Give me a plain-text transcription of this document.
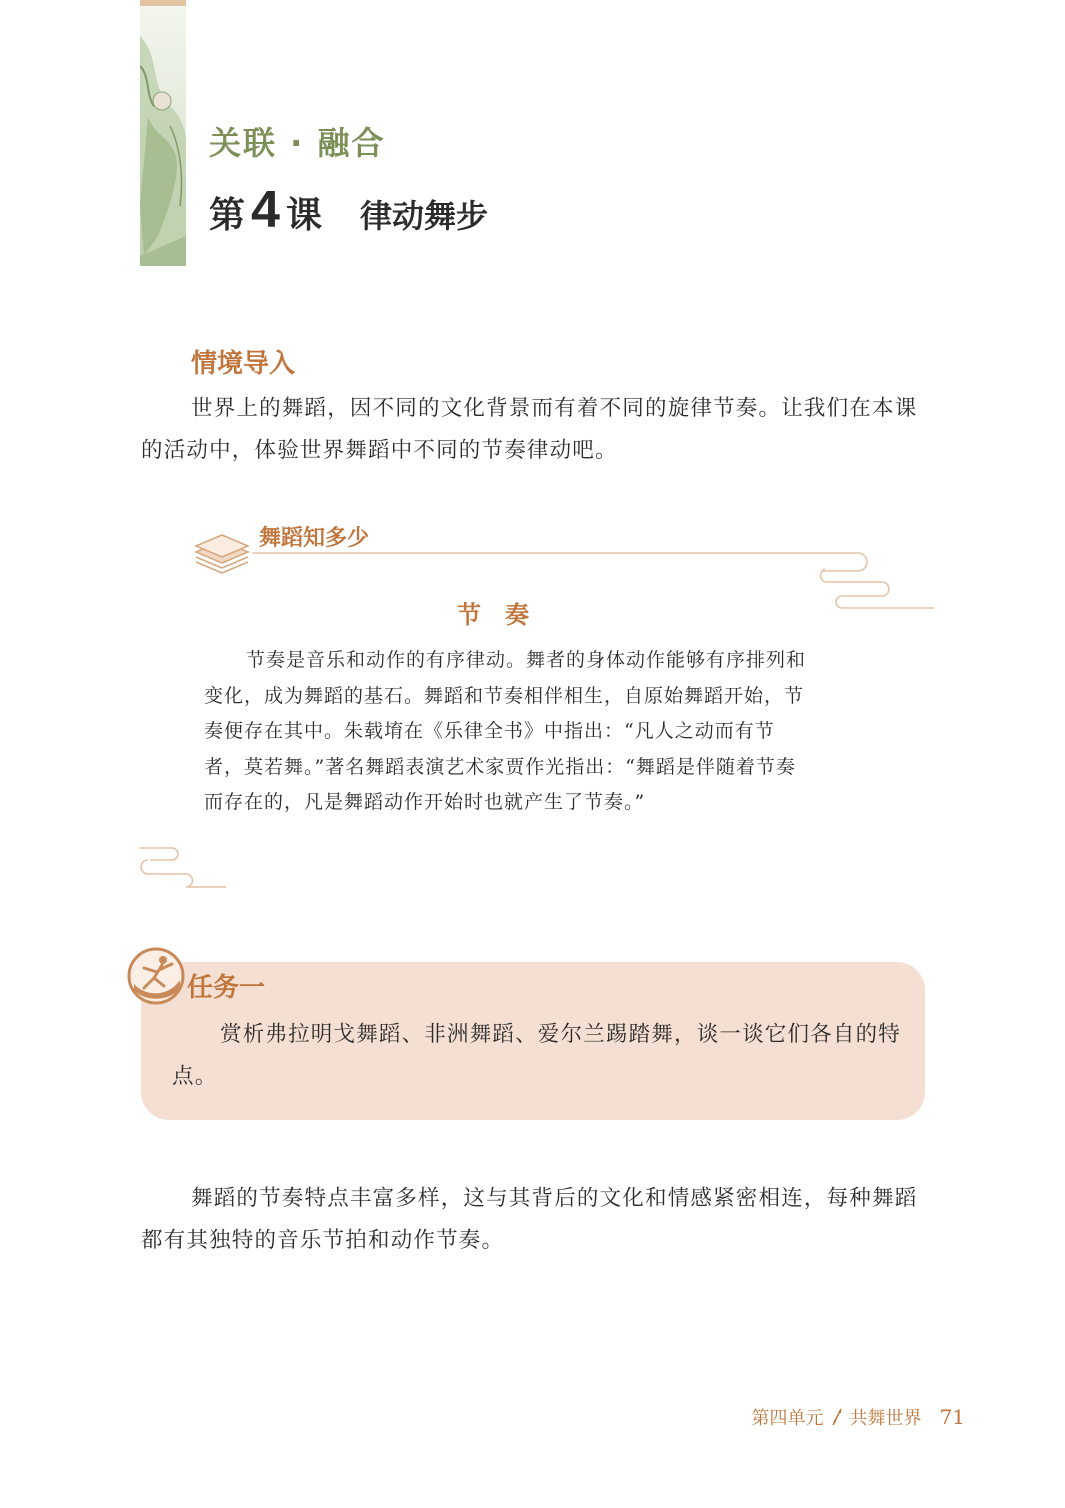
关联 · 融合
第 4 课 律动舞步
情境导入
世界上的舞蹈，因不同的文化背景而有着不同的旋律节奏。让我们在本课的活动中，体验世界舞蹈中不同的节奏律动吧。
舞蹈知多少
节奏
节奏是音乐和动作的有序律动。舞者的身体动作能够有序排列和变化，成为舞蹈的基石。舞蹈和节奏相伴相生，自原始舞蹈开始，节奏便存在其中。朱载堉在《乐律全书》中指出：“凡人之动而有节者，莫若舞。”著名舞蹈表演艺术家贾作光指出：“舞蹈是伴随着节奏而存在的，凡是舞蹈动作开始时也就产生了节奏。”
任务一
赏析弗拉明戈舞蹈、非洲舞蹈、爱尔兰踢踏舞，谈一谈它们各自的特点。
舞蹈的节奏特点丰富多样，这与其背后的文化和情感紧密相连，每种舞蹈都有其独特的音乐节拍和动作节奏。
第四单元 共舞世界 71
